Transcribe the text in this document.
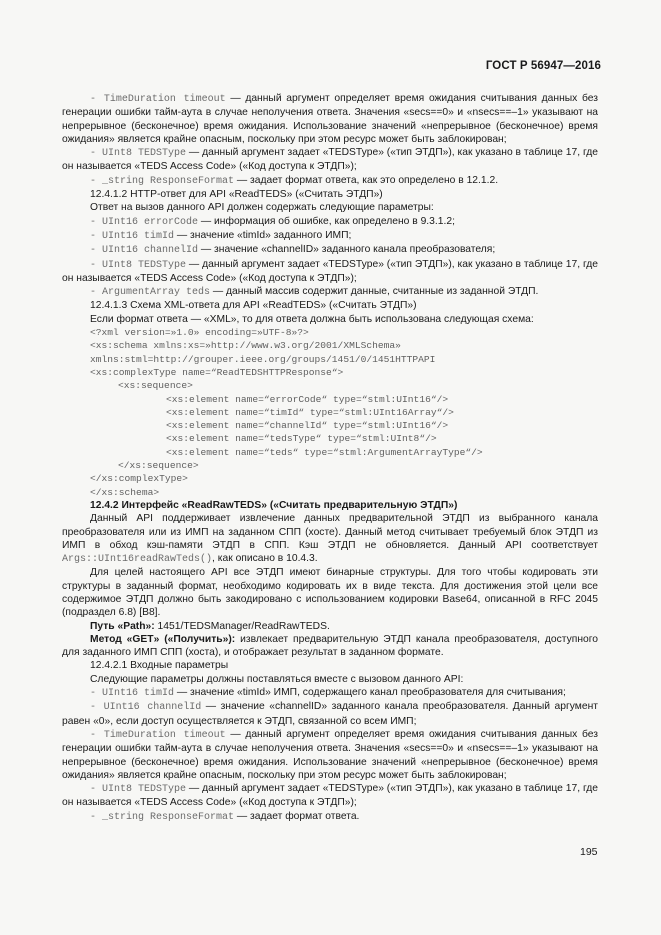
ГОСТ Р 56947—2016

- TimeDuration timeout — данный аргумент определяет время ожидания считывания данных без генерации ошибки тайм-аута в случае неполучения ответа. Значения «secs==0» и «nsecs==–1» указывают на непрерывное (бесконечное) время ожидания. Использование значений «непрерывное (бесконечное) время ожидания» является крайне опасным, поскольку при этом ресурс может быть заблокирован;

- UInt8 TEDSType — данный аргумент задает «TEDSType» («тип ЭТДП»), как указано в таблице 17, где он называется «TEDS Access Code» («Код доступа к ЭТДП»);

- _string ResponseFormat — задает формат ответа, как это определено в 12.1.2.

12.4.1.2 HTTP-ответ для API «ReadTEDS» («Считать ЭТДП»)

Ответ на вызов данного API должен содержать следующие параметры:

- UInt16 errorCode — информация об ошибке, как определено в 9.3.1.2;

- UInt16 timId — значение «timId» заданного ИМП;

- UInt16 channelId — значение «channelID» заданного канала преобразователя;

- UInt8 TEDSType — данный аргумент задает «TEDSType» («тип ЭТДП»), как указано в таблице 17, где он называется «TEDS Access Code» («Код доступа к ЭТДП»);

- ArgumentArray teds — данный массив содержит данные, считанные из заданной ЭТДП.

12.4.1.3 Схема XML-ответа для API «ReadTEDS» («Считать ЭТДП»)

Если формат ответа — «XML», то для ответа должна быть использована следующая схема:

<?xml version=»1.0» encoding=»UTF-8»?>
<xs:schema xmlns:xs=»http://www.w3.org/2001/XMLSchema»
xmlns:stml=http://grouper.ieee.org/groups/1451/0/1451HTTPAPI
<xs:complexType name=“ReadTEDSHTTPResponse“>
<xs:sequence>
<xs:element name=“errorCode“ type=“stml:UInt16“/>
<xs:element name=“timId“ type=“stml:UInt16Array“/>
<xs:element name=“channelId“ type=“stml:UInt16“/>
<xs:element name=“tedsType“ type=“stml:UInt8“/>
<xs:element name=“teds“ type=“stml:ArgumentArrayType“/>
</xs:sequence>
</xs:complexType>
</xs:schema>

12.4.2 Интерфейс «ReadRawTEDS» («Считать предварительную ЭТДП»)

Данный API поддерживает извлечение данных предварительной ЭТДП из выбранного канала преобразователя или из ИМП на заданном СПП (хосте). Данный метод считывает требуемый блок ЭТДП из ИМП в обход кэш-памяти ЭТДП в СПП. Кэш ЭТДП не обновляется. Данный API соответствует Args::UInt16readRawTeds(), как описано в 10.4.3.

Для целей настоящего API все ЭТДП имеют бинарные структуры. Для того чтобы кодировать эти структуры в заданный формат, необходимо кодировать их в виде текста. Для достижения этой цели все содержимое ЭТДП должно быть закодировано с использованием кодировки Base64, описанной в RFC 2045 (подраздел 6.8) [B8].

Путь «Path»: 1451/TEDSManager/ReadRawTEDS.

Метод «GET» («Получить»): извлекает предварительную ЭТДП канала преобразователя, доступного для заданного ИМП СПП (хоста), и отображает результат в заданном формате.

12.4.2.1 Входные параметры

Следующие параметры должны поставляться вместе с вызовом данного API:

- UInt16 timId — значение «timId» ИМП, содержащего канал преобразователя для считывания;

- UInt16 channelId — значение «channelID» заданного канала преобразователя. Данный аргумент равен «0», если доступ осуществляется к ЭТДП, связанной со всем ИМП;

- TimeDuration timeout — данный аргумент определяет время ожидания считывания данных без генерации ошибки тайм-аута в случае неполучения ответа. Значения «secs==0» и «nsecs==–1» указывают на непрерывное (бесконечное) время ожидания. Использование значений «непрерывное (бесконечное) время ожидания» является крайне опасным, поскольку при этом ресурс может быть заблокирован;

- UInt8 TEDSType — данный аргумент задает «TEDSType» («тип ЭТДП»), как указано в таблице 17, где он называется «TEDS Access Code» («Код доступа к ЭТДП»);

- _string ResponseFormat — задает формат ответа.

195
